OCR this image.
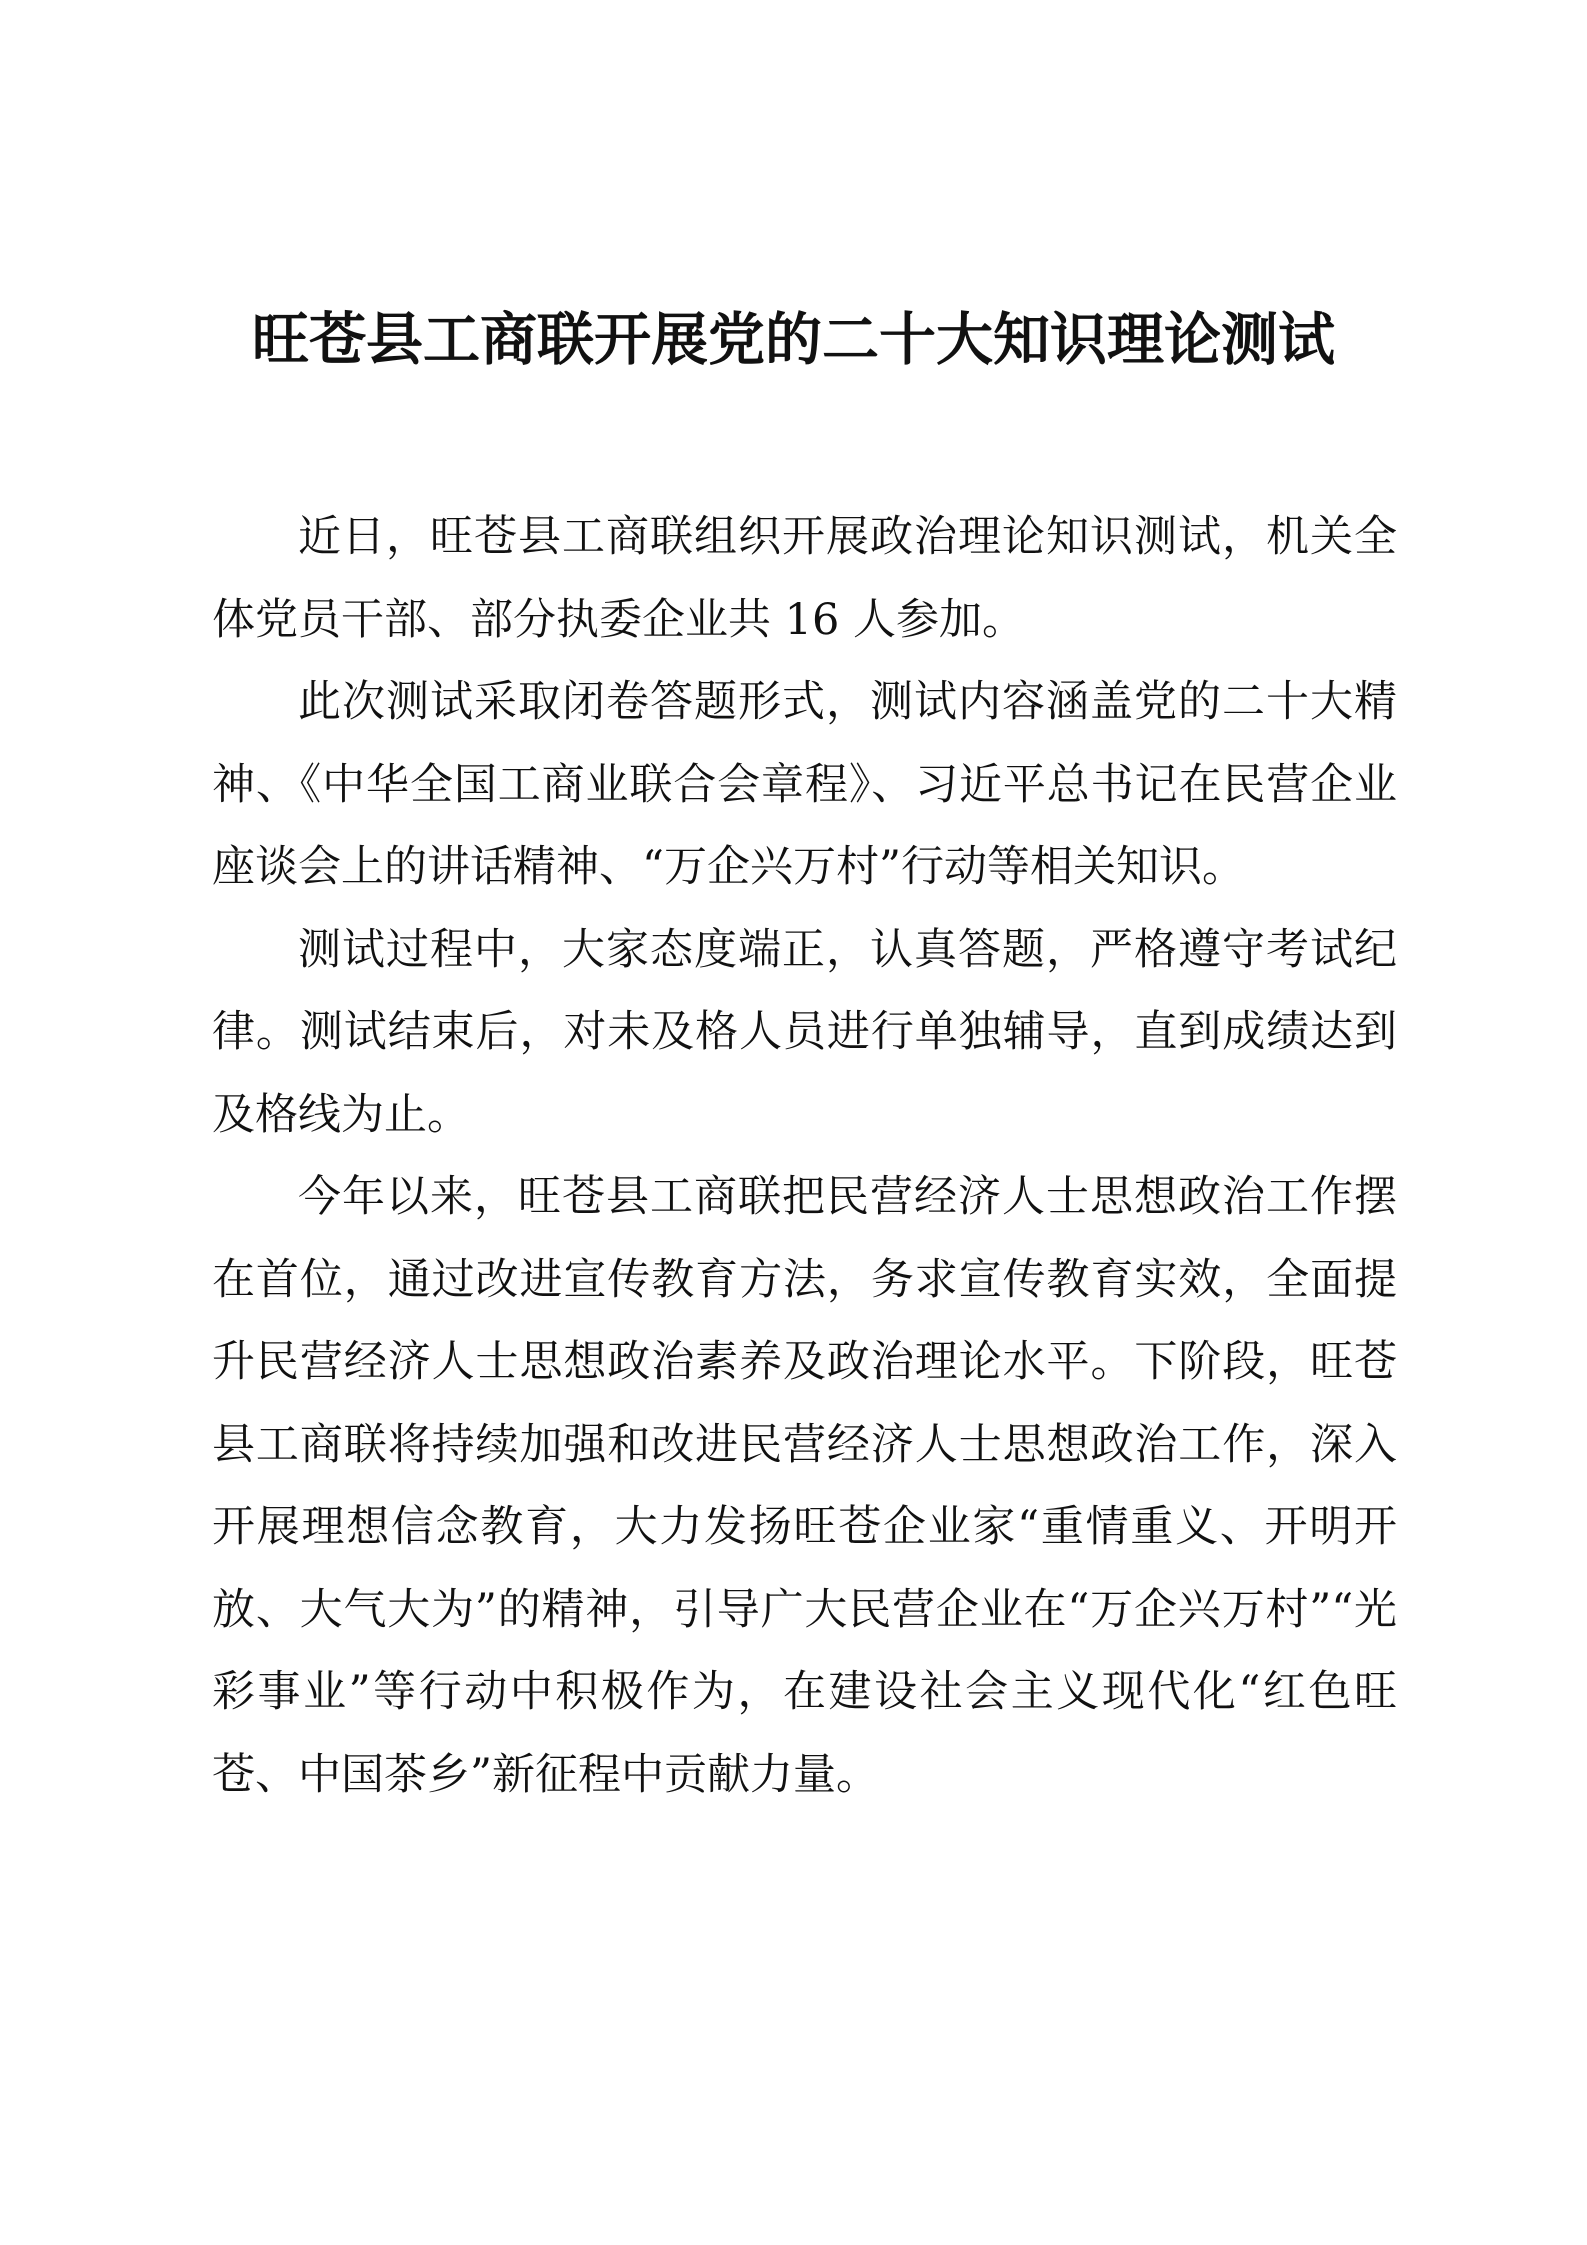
旺苍县工商联开展党的二十大知识理论测试

近日，旺苍县工商联组织开展政治理论知识测试，机关全体党员干部、部分执委企业共 16 人参加。

此次测试采取闭卷答题形式，测试内容涵盖党的二十大精神、《中华全国工商业联合会章程》、习近平总书记在民营企业座谈会上的讲话精神、“万企兴万村”行动等相关知识。

测试过程中，大家态度端正，认真答题，严格遵守考试纪律。测试结束后，对未及格人员进行单独辅导，直到成绩达到及格线为止。

今年以来，旺苍县工商联把民营经济人士思想政治工作摆在首位，通过改进宣传教育方法，务求宣传教育实效，全面提升民营经济人士思想政治素养及政治理论水平。下阶段，旺苍县工商联将持续加强和改进民营经济人士思想政治工作，深入开展理想信念教育，大力发扬旺苍企业家“重情重义、开明开放、大气大为”的精神，引导广大民营企业在“万企兴万村”“光彩事业”等行动中积极作为，在建设社会主义现代化“红色旺苍、中国茶乡”新征程中贡献力量。
